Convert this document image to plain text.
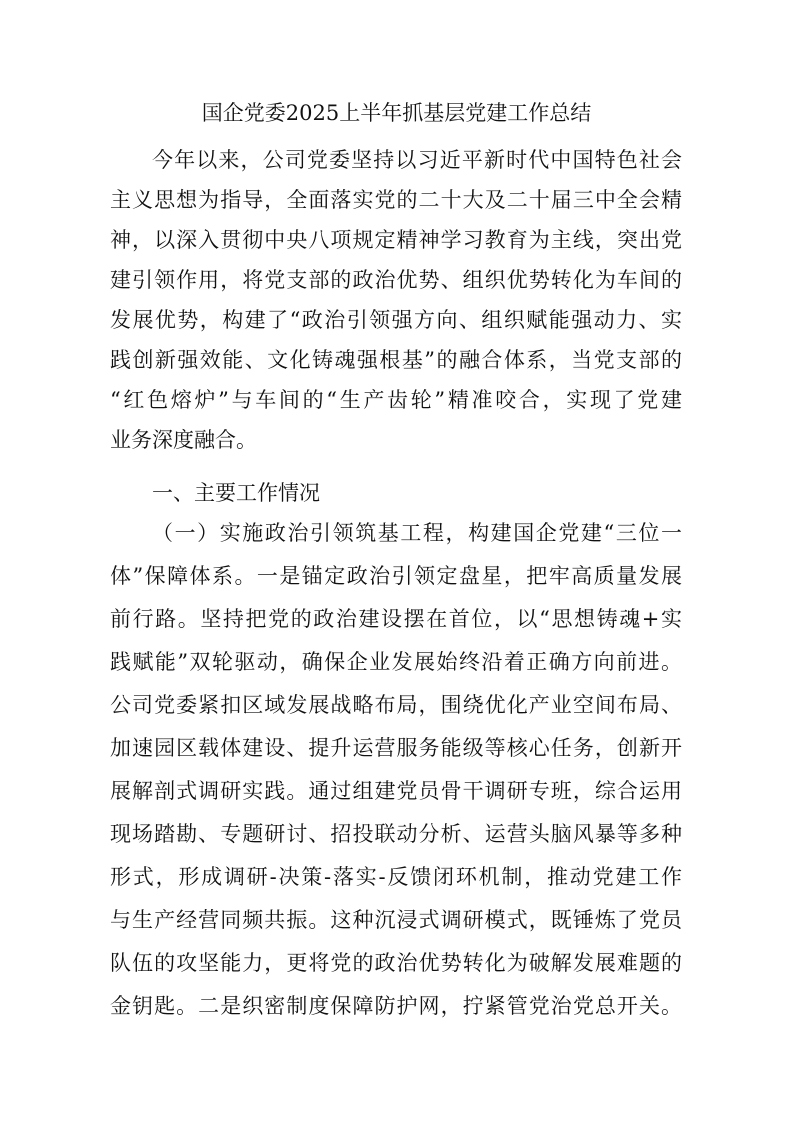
国企党委2025上半年抓基层党建工作总结
今年以来，公司党委坚持以习近平新时代中国特色社会
主义思想为指导，全面落实党的二十大及二十届三中全会精
神，以深入贯彻中央八项规定精神学习教育为主线，突出党
建引领作用，将党支部的政治优势、组织优势转化为车间的
发展优势，构建了“政治引领强方向、组织赋能强动力、实
践创新强效能、文化铸魂强根基”的融合体系，当党支部的
“红色熔炉”与车间的“生产齿轮”精准咬合，实现了党建
业务深度融合。
一、主要工作情况
（一）实施政治引领筑基工程，构建国企党建“三位一
体”保障体系。一是锚定政治引领定盘星，把牢高质量发展
前行路。坚持把党的政治建设摆在首位，以“思想铸魂+实
践赋能”双轮驱动，确保企业发展始终沿着正确方向前进。
公司党委紧扣区域发展战略布局，围绕优化产业空间布局、
加速园区载体建设、提升运营服务能级等核心任务，创新开
展解剖式调研实践。通过组建党员骨干调研专班，综合运用
现场踏勘、专题研讨、招投联动分析、运营头脑风暴等多种
形式，形成调研-决策-落实-反馈闭环机制，推动党建工作
与生产经营同频共振。这种沉浸式调研模式，既锤炼了党员
队伍的攻坚能力，更将党的政治优势转化为破解发展难题的
金钥匙。二是织密制度保障防护网，拧紧管党治党总开关。
